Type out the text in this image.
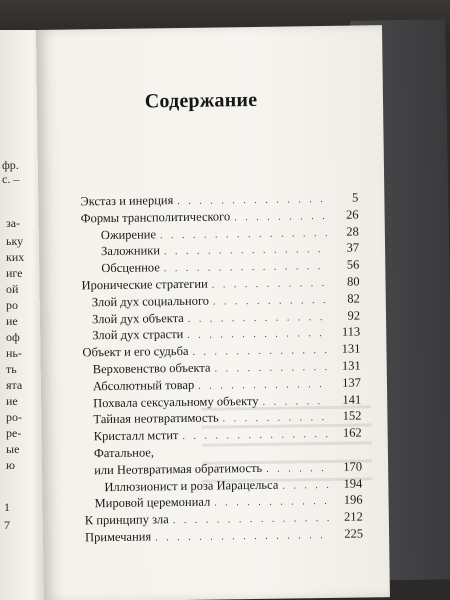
фр.
с. –
за-
ьку
ких
иге
ой
ро
ие
оф
нь-
ть
ята
ие
ро-
ре-
ые
ю
1
7
Содержание
Экстаз и инерция . . .	5
Формы трансполитического . . .	26
Ожирение . . .	28
Заложники . . .	37
Обсценное . . .	56
Иронические стратегии . . .	80
Злой дух социального . . .	82
Злой дух объекта . . .	92
Злой дух страсти . . .	113
Объект и его судьба . . .	131
Верховенство объекта . . .	131
Абсолютный товар . . .	137
Похвала сексуальному объекту . . .	141
Тайная неотвратимость . . .	152
Кристалл мстит . . .	162
Фатальное,
или Неотвратимая обратимость . . .	170
Иллюзионист и роза Иарацельса . . .	194
Мировой церемониал . . .	196
К принципу зла . . .	212
Примечания . . .	225
